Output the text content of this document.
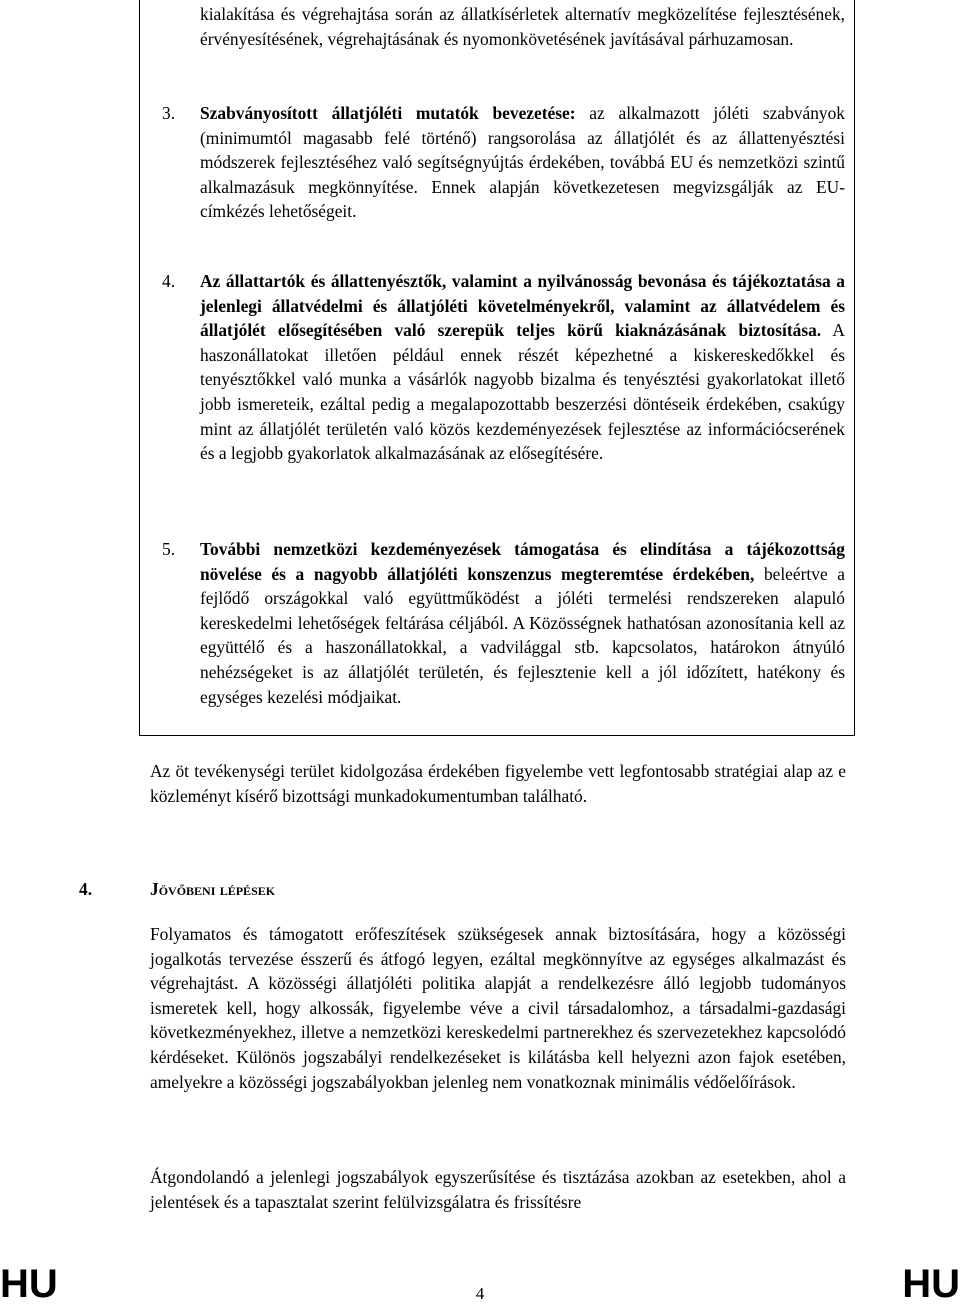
kialakítása és végrehajtása során az állatkísérletek alternatív megközelítése fejlesztésének, érvényesítésének, végrehajtásának és nyomonkövetésének javításával párhuzamosan.

3. Szabványosított állatjóléti mutatók bevezetése: az alkalmazott jóléti szabványok (minimumtól magasabb felé történő) rangsorolása az állatjólét és az állattenyésztési módszerek fejlesztéséhez való segítségnyújtás érdekében, továbbá EU és nemzetközi szintű alkalmazásuk megkönnyítése. Ennek alapján következetesen megvizsgálják az EU-címkézés lehetőségeit.

4. Az állattartók és állattenyésztők, valamint a nyilvánosság bevonása és tájékoztatása a jelenlegi állatvédelmi és állatjóléti követelményekről, valamint az állatvédelem és állatjólét elősegítésében való szerepük teljes körű kiaknázásának biztosítása. A haszonállatokat illetően például ennek részét képezhetné a kiskereskedőkkel és tenyésztőkkel való munka a vásárlók nagyobb bizalma és tenyésztési gyakorlatokat illető jobb ismereteik, ezáltal pedig a megalapozottabb beszerzési döntéseik érdekében, csakúgy mint az állatjólét területén való közös kezdeményezések fejlesztése az információcserének és a legjobb gyakorlatok alkalmazásának az elősegítésére.

5. További nemzetközi kezdeményezések támogatása és elindítása a tájékozottság növelése és a nagyobb állatjóléti konszenzus megteremtése érdekében, beleértve a fejlődő országokkal való együttműködést a jóléti termelési rendszereken alapuló kereskedelmi lehetőségek feltárása céljából. A Közösségnek hathatósan azonosítania kell az együttélő és a haszonállatokkal, a vadvilággal stb. kapcsolatos, határokon átnyúló nehézségeket is az állatjólét területén, és fejlesztenie kell a jól időzített, hatékony és egységes kezelési módjaikat.

Az öt tevékenységi terület kidolgozása érdekében figyelembe vett legfontosabb stratégiai alap az e közleményt kísérő bizottsági munkadokumentumban található.

4.	Jövőbeni lépések

Folyamatos és támogatott erőfeszítések szükségesek annak biztosítására, hogy a közösségi jogalkotás tervezése ésszerű és átfogó legyen, ezáltal megkönnyítve az egységes alkalmazást és végrehajtást. A közösségi állatjóléti politika alapját a rendelkezésre álló legjobb tudományos ismeretek kell, hogy alkossák, figyelembe véve a civil társadalomhoz, a társadalmi-gazdasági következményekhez, illetve a nemzetközi kereskedelmi partnerekhez és szervezetekhez kapcsolódó kérdéseket. Különös jogszabályi rendelkezéseket is kilátásba kell helyezni azon fajok esetében, amelyekre a közösségi jogszabályokban jelenleg nem vonatkoznak minimális védőelőírások.

Átgondolandó a jelenlegi jogszabályok egyszerűsítése és tisztázása azokban az esetekben, ahol a jelentések és a tapasztalat szerint felülvizsgálatra és frissítésre

HU	4	HU
